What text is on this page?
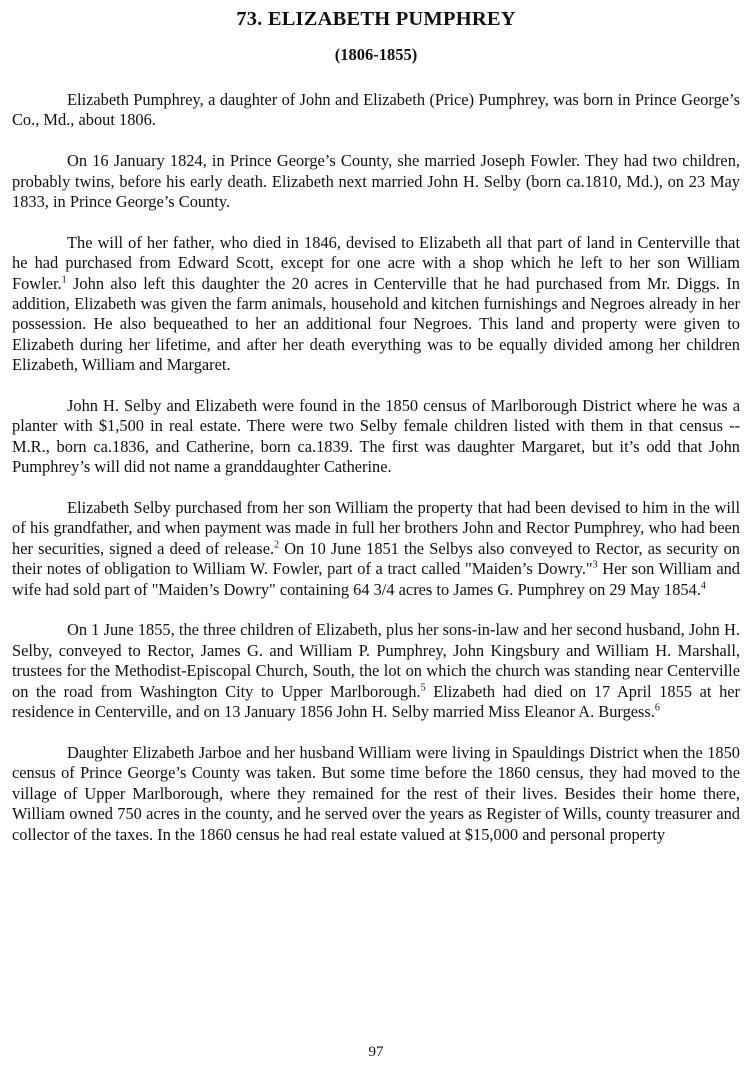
73. ELIZABETH PUMPHREY
(1806-1855)

Elizabeth Pumphrey, a daughter of John and Elizabeth (Price) Pumphrey, was born in Prince George’s Co., Md., about 1806.

On 16 January 1824, in Prince George’s County, she married Joseph Fowler. They had two children, probably twins, before his early death. Elizabeth next married John H. Selby (born ca.1810, Md.), on 23 May 1833, in Prince George’s County.

The will of her father, who died in 1846, devised to Elizabeth all that part of land in Centerville that he had purchased from Edward Scott, except for one acre with a shop which he left to her son William Fowler.$^1$ John also left this daughter the 20 acres in Centerville that he had purchased from Mr. Diggs. In addition, Elizabeth was given the farm animals, household and kitchen furnishings and Negroes already in her possession. He also bequeathed to her an additional four Negroes. This land and property were given to Elizabeth during her lifetime, and after her death everything was to be equally divided among her children Elizabeth, William and Margaret.

John H. Selby and Elizabeth were found in the 1850 census of Marlborough District where he was a planter with $1,500 in real estate. There were two Selby female children listed with them in that census -- M.R., born ca.1836, and Catherine, born ca.1839. The first was daughter Margaret, but it’s odd that John Pumphrey’s will did not name a granddaughter Catherine.

Elizabeth Selby purchased from her son William the property that had been devised to him in the will of his grandfather, and when payment was made in full her brothers John and Rector Pumphrey, who had been her securities, signed a deed of release.$^2$ On 10 June 1851 the Selbys also conveyed to Rector, as security on their notes of obligation to William W. Fowler, part of a tract called "Maiden’s Dowry."$^3$ Her son William and wife had sold part of "Maiden’s Dowry" containing 64 3/4 acres to James G. Pumphrey on 29 May 1854.$^4$

On 1 June 1855, the three children of Elizabeth, plus her sons-in-law and her second husband, John H. Selby, conveyed to Rector, James G. and William P. Pumphrey, John Kingsbury and William H. Marshall, trustees for the Methodist-Episcopal Church, South, the lot on which the church was standing near Centerville on the road from Washington City to Upper Marlborough.$^5$ Elizabeth had died on 17 April 1855 at her residence in Centerville, and on 13 January 1856 John H. Selby married Miss Eleanor A. Burgess.$^6$

Daughter Elizabeth Jarboe and her husband William were living in Spauldings District when the 1850 census of Prince George’s County was taken. But some time before the 1860 census, they had moved to the village of Upper Marlborough, where they remained for the rest of their lives. Besides their home there, William owned 750 acres in the county, and he served over the years as Register of Wills, county treasurer and collector of the taxes. In the 1860 census he had real estate valued at $15,000 and personal property

97
